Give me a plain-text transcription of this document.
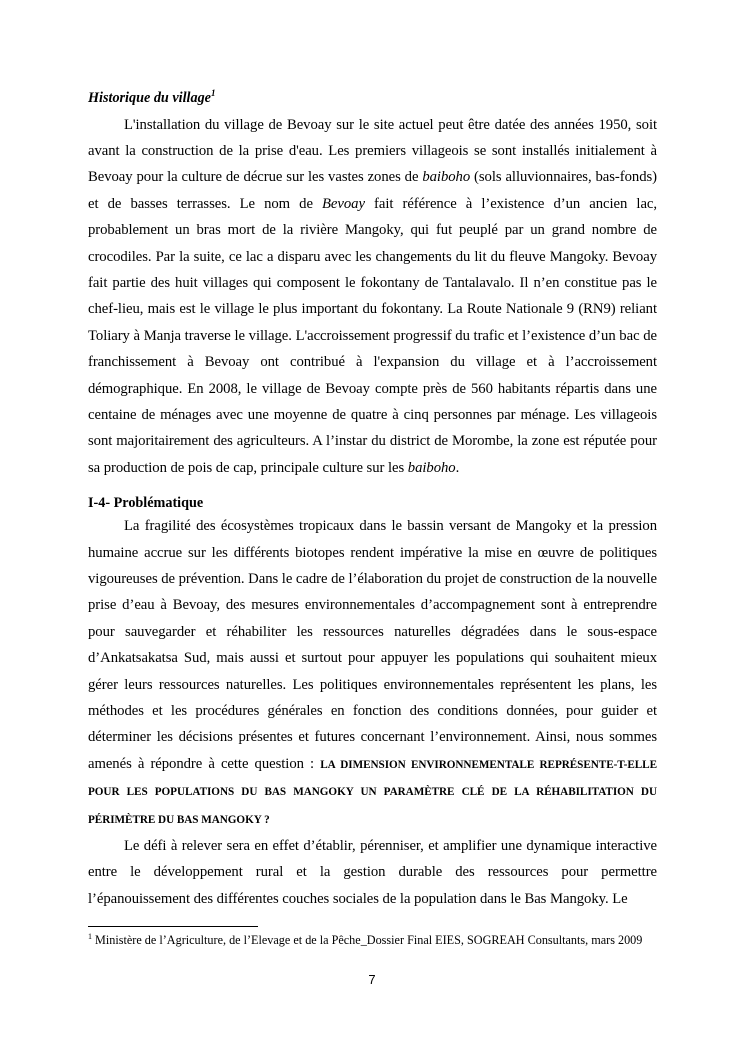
Historique du village$^1$

L'installation du village de Bevoay sur le site actuel peut être datée des années 1950, soit avant la construction de la prise d'eau. Les premiers villageois se sont installés initialement à Bevoay pour la culture de décrue sur les vastes zones de baiboho (sols alluvionnaires, bas-fonds) et de basses terrasses. Le nom de Bevoay fait référence à l’existence d’un ancien lac, probablement un bras mort de la rivière Mangoky, qui fut peuplé par un grand nombre de crocodiles. Par la suite, ce lac a disparu avec les changements du lit du fleuve Mangoky. Bevoay fait partie des huit villages qui composent le fokontany de Tantalavalo. Il n’en constitue pas le chef-lieu, mais est le village le plus important du fokontany. La Route Nationale 9 (RN9) reliant Toliary à Manja traverse le village. L'accroissement progressif du trafic et l’existence d’un bac de franchissement à Bevoay ont contribué à l'expansion du village et à l’accroissement démographique. En 2008, le village de Bevoay compte près de 560 habitants répartis dans une centaine de ménages avec une moyenne de quatre à cinq personnes par ménage. Les villageois sont majoritairement des agriculteurs. A l’instar du district de Morombe, la zone est réputée pour sa production de pois de cap, principale culture sur les baiboho.

I-4- Problématique

La fragilité des écosystèmes tropicaux dans le bassin versant de Mangoky et la pression humaine accrue sur les différents biotopes rendent impérative la mise en œuvre de politiques vigoureuses de prévention. Dans le cadre de l’élaboration du projet de construction de la nouvelle prise d’eau à Bevoay, des mesures environnementales d’accompagnement sont à entreprendre pour sauvegarder et réhabiliter les ressources naturelles dégradées dans le sous-espace d’Ankatsakatsa Sud, mais aussi et surtout pour appuyer les populations qui souhaitent mieux gérer leurs ressources naturelles. Les politiques environnementales représentent les plans, les méthodes et les procédures générales en fonction des conditions données, pour guider et déterminer les décisions présentes et futures concernant l’environnement. Ainsi, nous sommes amenés à répondre à cette question : LA DIMENSION ENVIRONNEMENTALE REPRÉSENTE-T-ELLE POUR LES POPULATIONS DU BAS MANGOKY UN PARAMÈTRE CLÉ DE LA RÉHABILITATION DU PÉRIMÈTRE DU BAS MANGOKY ?

Le défi à relever sera en effet d’établir, pérenniser, et amplifier une dynamique interactive entre le développement rural et la gestion durable des ressources pour permettre l’épanouissement des différentes couches sociales de la population dans le Bas Mangoky. Le

$^1$ Ministère de l’Agriculture, de l’Elevage et de la Pêche_Dossier Final EIES, SOGREAH Consultants, mars 2009
7
